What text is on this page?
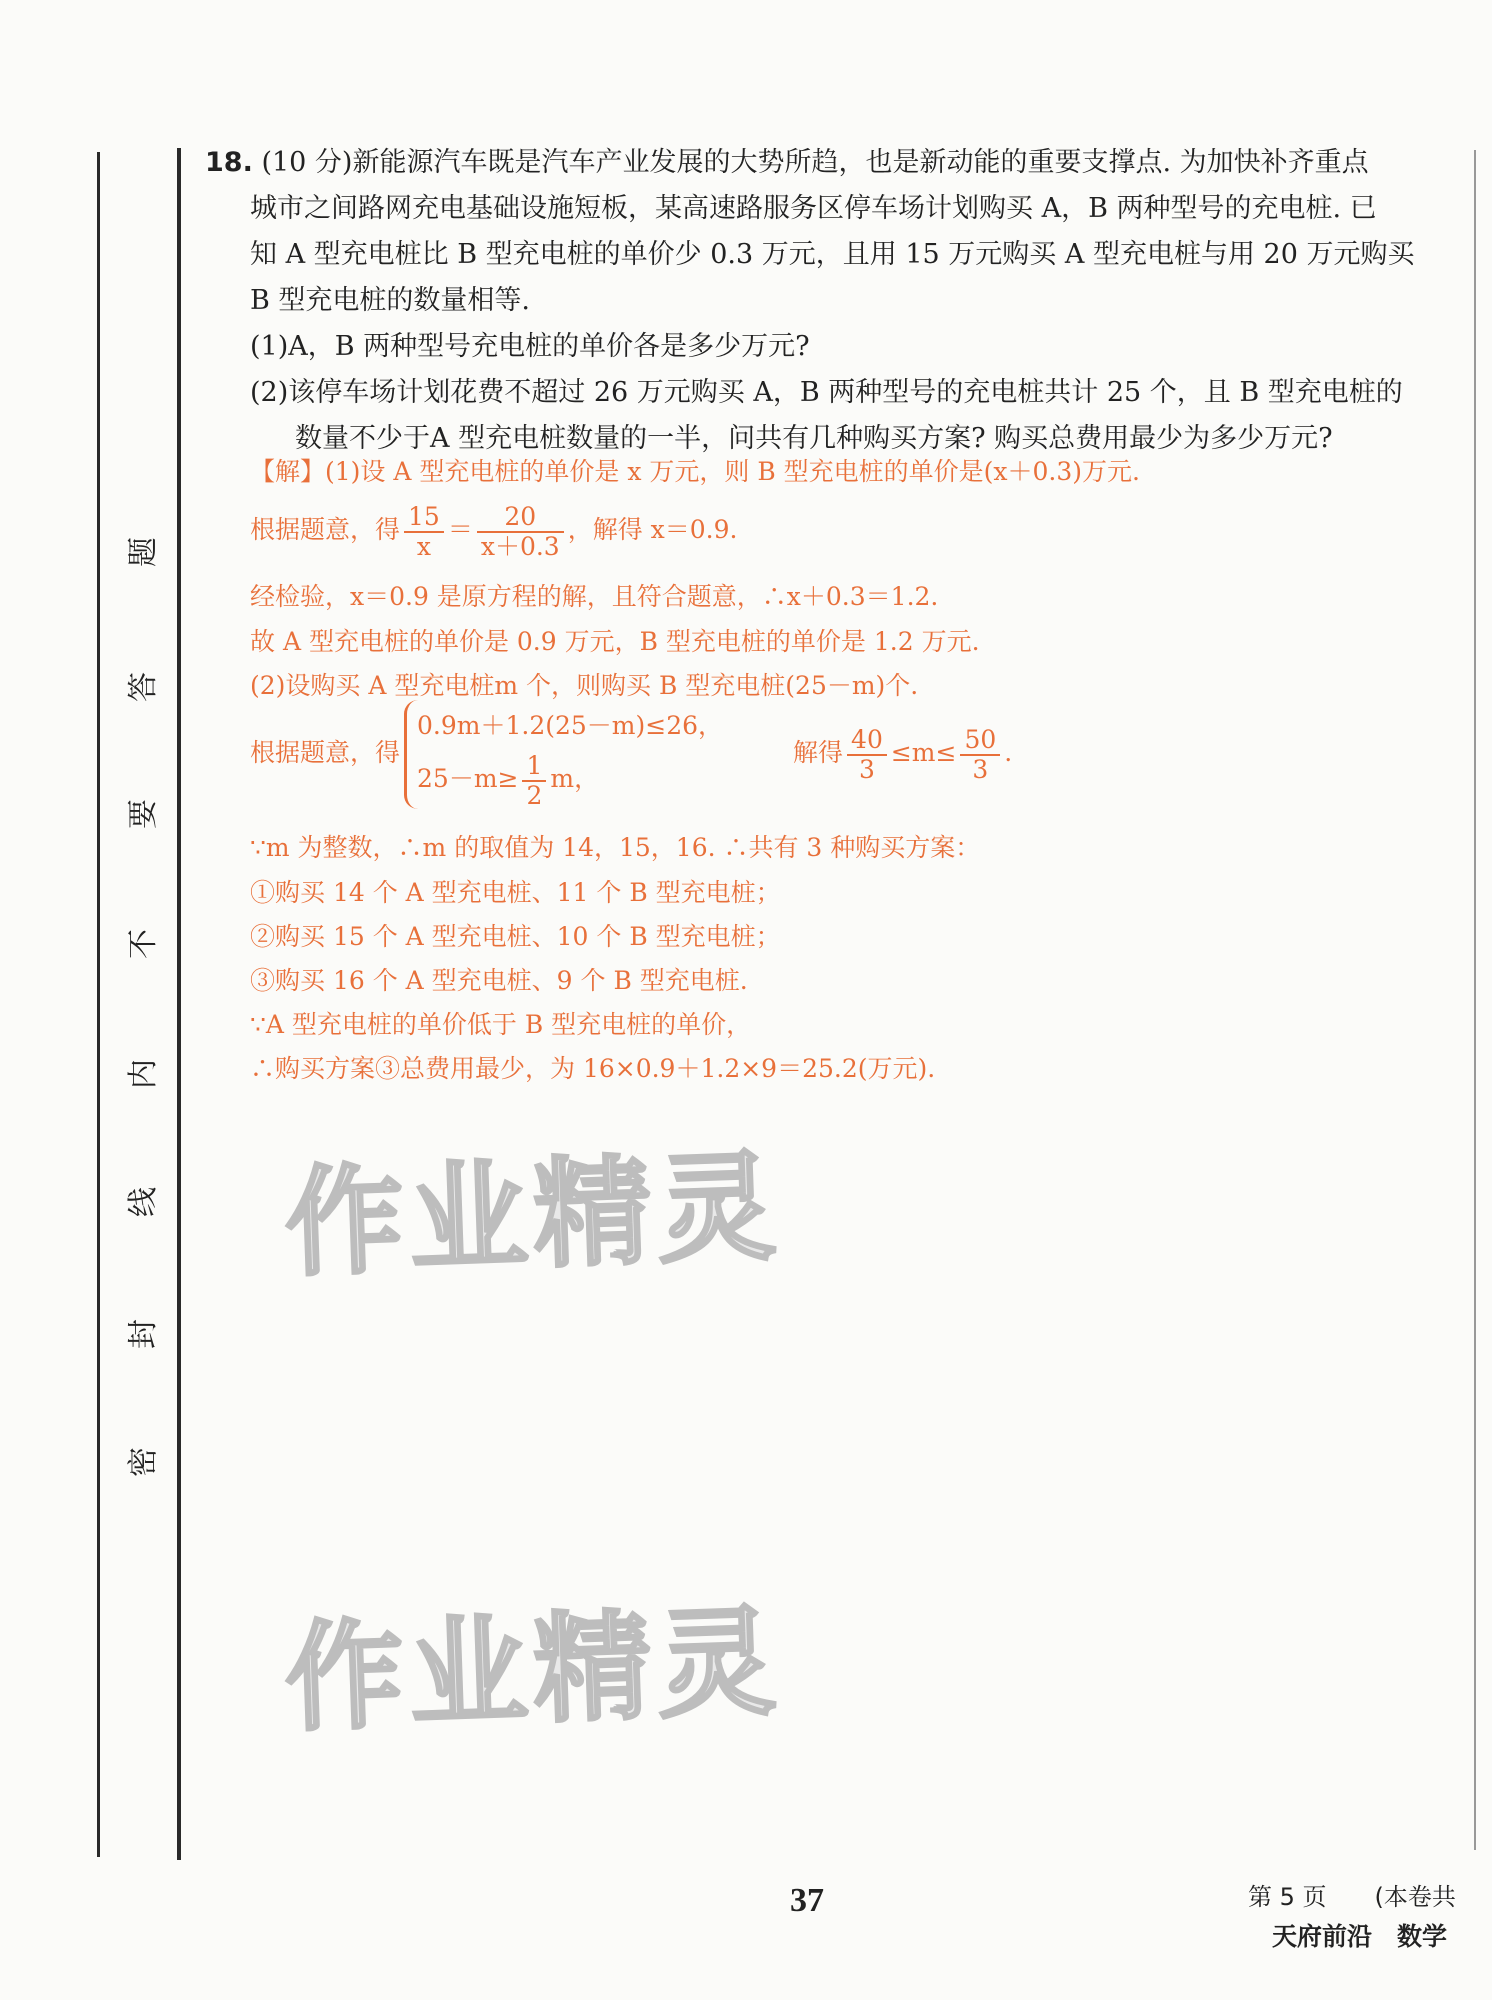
题
答
要
不
内
线
封
密
18. (10 分)新能源汽车既是汽车产业发展的大势所趋，也是新动能的重要支撑点. 为加快补齐重点
城市之间路网充电基础设施短板，某高速路服务区停车场计划购买 A，B 两种型号的充电桩. 已
知 A 型充电桩比 B 型充电桩的单价少 0.3 万元，且用 15 万元购买 A 型充电桩与用 20 万元购买
B 型充电桩的数量相等.
(1)A，B 两种型号充电桩的单价各是多少万元?
(2)该停车场计划花费不超过 26 万元购买 A，B 两种型号的充电桩共计 25 个，且 B 型充电桩的
数量不少于A 型充电桩数量的一半，问共有几种购买方案? 购买总费用最少为多少万元?
【解】(1)设 A 型充电桩的单价是 x 万元，则 B 型充电桩的单价是(x＋0.3)万元.
根据题意，得 $\frac{15}{x} = \frac{20}{x+0.3}$ ，解得 x＝0.9.
经检验，x＝0.9 是原方程的解，且符合题意，∴x＋0.3＝1.2.
故 A 型充电桩的单价是 0.9 万元，B 型充电桩的单价是 1.2 万元.
(2)设购买 A 型充电桩m 个，则购买 B 型充电桩(25－m)个.
根据题意，得
0.9m＋1.2(25－m)≤26，
$25-m\ge \frac{1}{2}$ m，
解得 $\frac{40}{3} \le m\le \frac{50}{3}$ .
∵m 为整数，∴m 的取值为 14，15，16. ∴共有 3 种购买方案：
①购买 14 个 A 型充电桩、11 个 B 型充电桩；
②购买 15 个 A 型充电桩、10 个 B 型充电桩；
③购买 16 个 A 型充电桩、9 个 B 型充电桩.
∵A 型充电桩的单价低于 B 型充电桩的单价，
∴购买方案③总费用最少，为 16×0.9＋1.2×9＝25.2(万元).
作业精灵
作业精灵
37	第 5 页　　(本卷共
天府前沿　数学
